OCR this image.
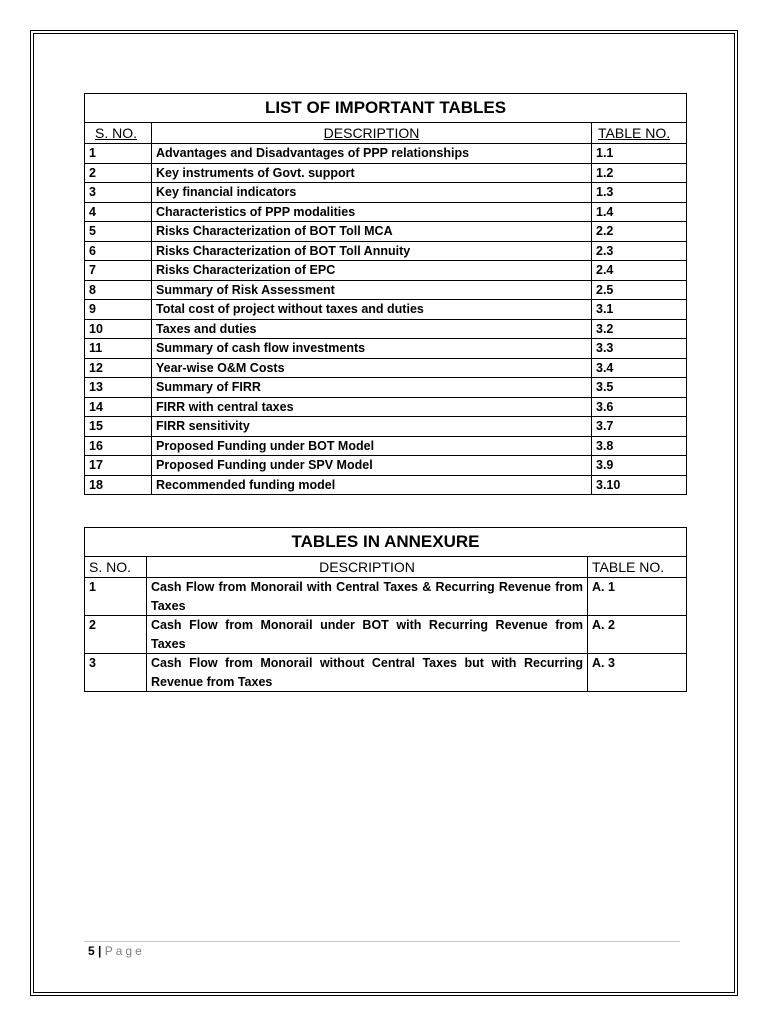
LIST OF IMPORTANT TABLES		
S. NO.	DESCRIPTION	TABLE NO.
1	Advantages and Disadvantages of PPP relationships	1.1
2	Key instruments of Govt. support	1.2
3	Key financial indicators	1.3
4	Characteristics of PPP modalities	1.4
5	Risks Characterization of BOT Toll MCA	2.2
6	Risks Characterization of BOT Toll Annuity	2.3
7	Risks Characterization of EPC	2.4
8	Summary of Risk Assessment	2.5
9	Total cost of project without taxes and duties	3.1
10	Taxes and duties	3.2
11	Summary of cash flow investments	3.3
12	Year-wise O&M Costs	3.4
13	Summary of FIRR	3.5
14	FIRR with central taxes	3.6
15	FIRR sensitivity	3.7
16	Proposed Funding under BOT Model	3.8
17	Proposed Funding under SPV Model	3.9
18	Recommended funding model	3.10
TABLES IN ANNEXURE		
S. NO.	DESCRIPTION	TABLE NO.
1	Cash Flow from Monorail with Central Taxes & Recurring Revenue from Taxes	A. 1
2	Cash Flow from Monorail under BOT with Recurring Revenue from Taxes	A. 2
3	Cash Flow from Monorail without Central Taxes but with Recurring Revenue from Taxes	A. 3
5 | Page
